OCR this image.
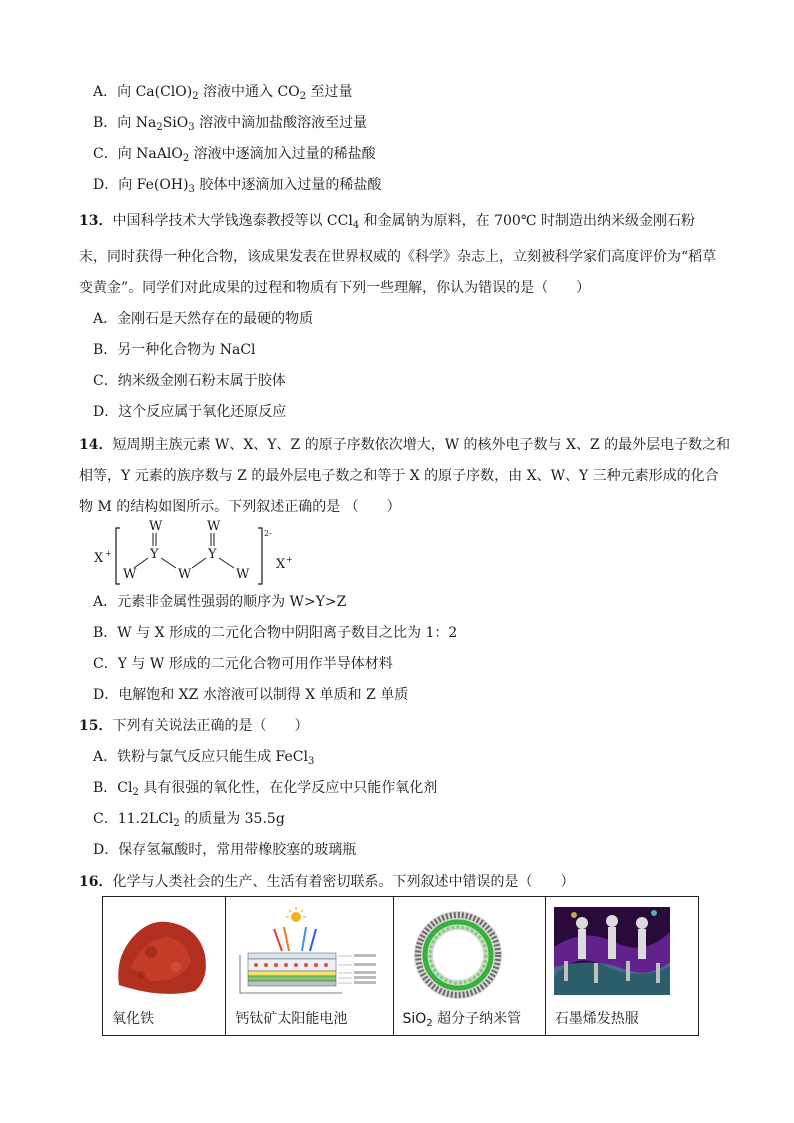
A．向 $Ca(ClO)_2$ 溶液中通入 $CO_2$ 至过量
B．向 $Na_2SiO_3$ 溶液中滴加盐酸溶液至过量
C．向 NaAlO$_2$ 溶液中逐滴加入过量的稀盐酸
D．向 $Fe(OH)_3$ 胶体中逐滴加入过量的稀盐酸
13．中国科学技术大学钱逸泰教授等以 CCl$_4$ 和金属钠为原料，在 700℃ 时制造出纳米级金刚石粉
末，同时获得一种化合物，该成果发表在世界权威的《科学》杂志上，立刻被科学家们高度评价为“稻草
变黄金”。同学们对此成果的过程和物质有下列一些理解，你认为错误的是（　　）
A．金刚石是天然存在的最硬的物质
B．另一种化合物为 NaCl
C．纳米级金刚石粉末属于胶体
D．这个反应属于氧化还原反应
14．短周期主族元素 W、X、Y、Z 的原子序数依次增大，W 的核外电子数与 X、Z 的最外层电子数之和
相等，Y 元素的族序数与 Z 的最外层电子数之和等于 X 的原子序数，由 X、W、Y 三种元素形成的化合
物 M 的结构如图所示。下列叙述正确的是 （　　）
X +
2-
X +
W
Y
W	W
W
Y
W
A．元素非金属性强弱的顺序为 W>Y>Z
B．W 与 X 形成的二元化合物中阴阳离子数目之比为 1：2
C．Y 与 W 形成的二元化合物可用作半导体材料
D．电解饱和 XZ 水溶液可以制得 X 单质和 Z 单质
15．下列有关说法正确的是（　　）
A．铁粉与氯气反应只能生成 FeCl$_3$
B．$Cl_2$ 具有很强的氧化性，在化学反应中只能作氧化剂
C．11.2LCl$_2$ 的质量为 35.5g
D．保存氢氟酸时，常用带橡胶塞的玻璃瓶
16．化学与人类社会的生产、生活有着密切联系。下列叙述中错误的是（　　）
氧化铁	钙钛矿太阳能电池	SiO$_2$ 超分子纳米管	石墨烯发热服
